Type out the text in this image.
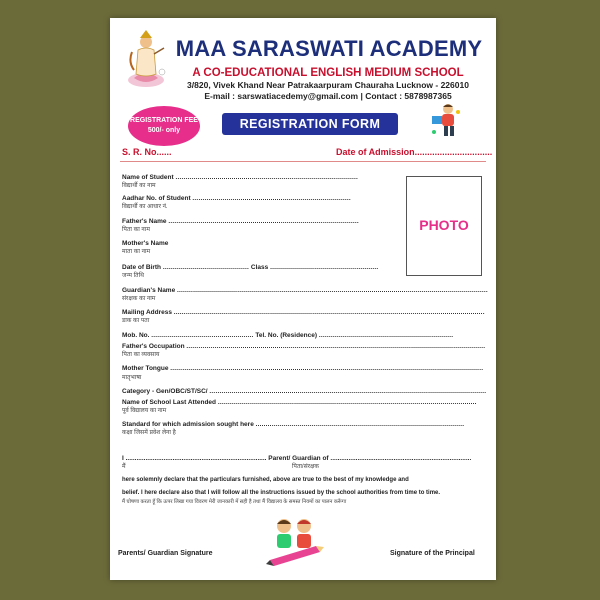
MAA SARASWATI ACADEMY
A CO-EDUCATIONAL ENGLISH MEDIUM SCHOOL
3/820, Vivek Khand Near Patrakaarpuram Chauraha Lucknow - 226010
E-mail : sarswatiacedemy@gmail.com | Contact : 5878987365
REGISTRATION FEE
500/- only	REGISTRATION FORM
S. R. No......	Date of Admission...............................
PHOTO
Name of Student ...........................................................................................
विद्यार्थी का नाम
Aadhar No. of Student ...............................................................................
विद्यार्थी का आधार नं.
Father's Name ...............................................................................................
पिता का नाम
Mother's Name
माता का नाम
Date of Birth ........................................... Class ......................................................
जन्म तिथि
Guardian's Name ...........................................................................................................................................................
संरक्षक का नाम
Mailing Address ...........................................................................................................................................................
डाक का पता
Mob. No. ................................................... Tel. No. (Residence) ...................................................................
Father's Occupation .....................................................................................................................................................
पिता का व्यवसाय
Mother Tongue ............................................................................................................................................................
मातृभाषा
Category - Gen/OBC/ST/SC/ ..........................................................................................................................................
Name of School Last Attended .................................................................................................................................
पूर्व विद्यालय का नाम
Standard for which admission sought here ........................................................................................................
कक्षा जिसमें प्रवेश लेना है
I .............................................................................. Parent/ Guardian of ..............................................................................
मैं	पिता/संरक्षक
here solemnly declare that the particulars furnished, above are true to the best of my knowledge and
belief. I here declare also that I will follow all the instructions issued by the school authorities from time to time.
मैं घोषणा करता हूँ कि ऊपर लिखा गया विवरण मेरी जानकारी में सही है तथा मैं विद्यालय के समस्त नियमों का पालन करूँगा
Parents/ Guardian Signature	Signature of the Principal
